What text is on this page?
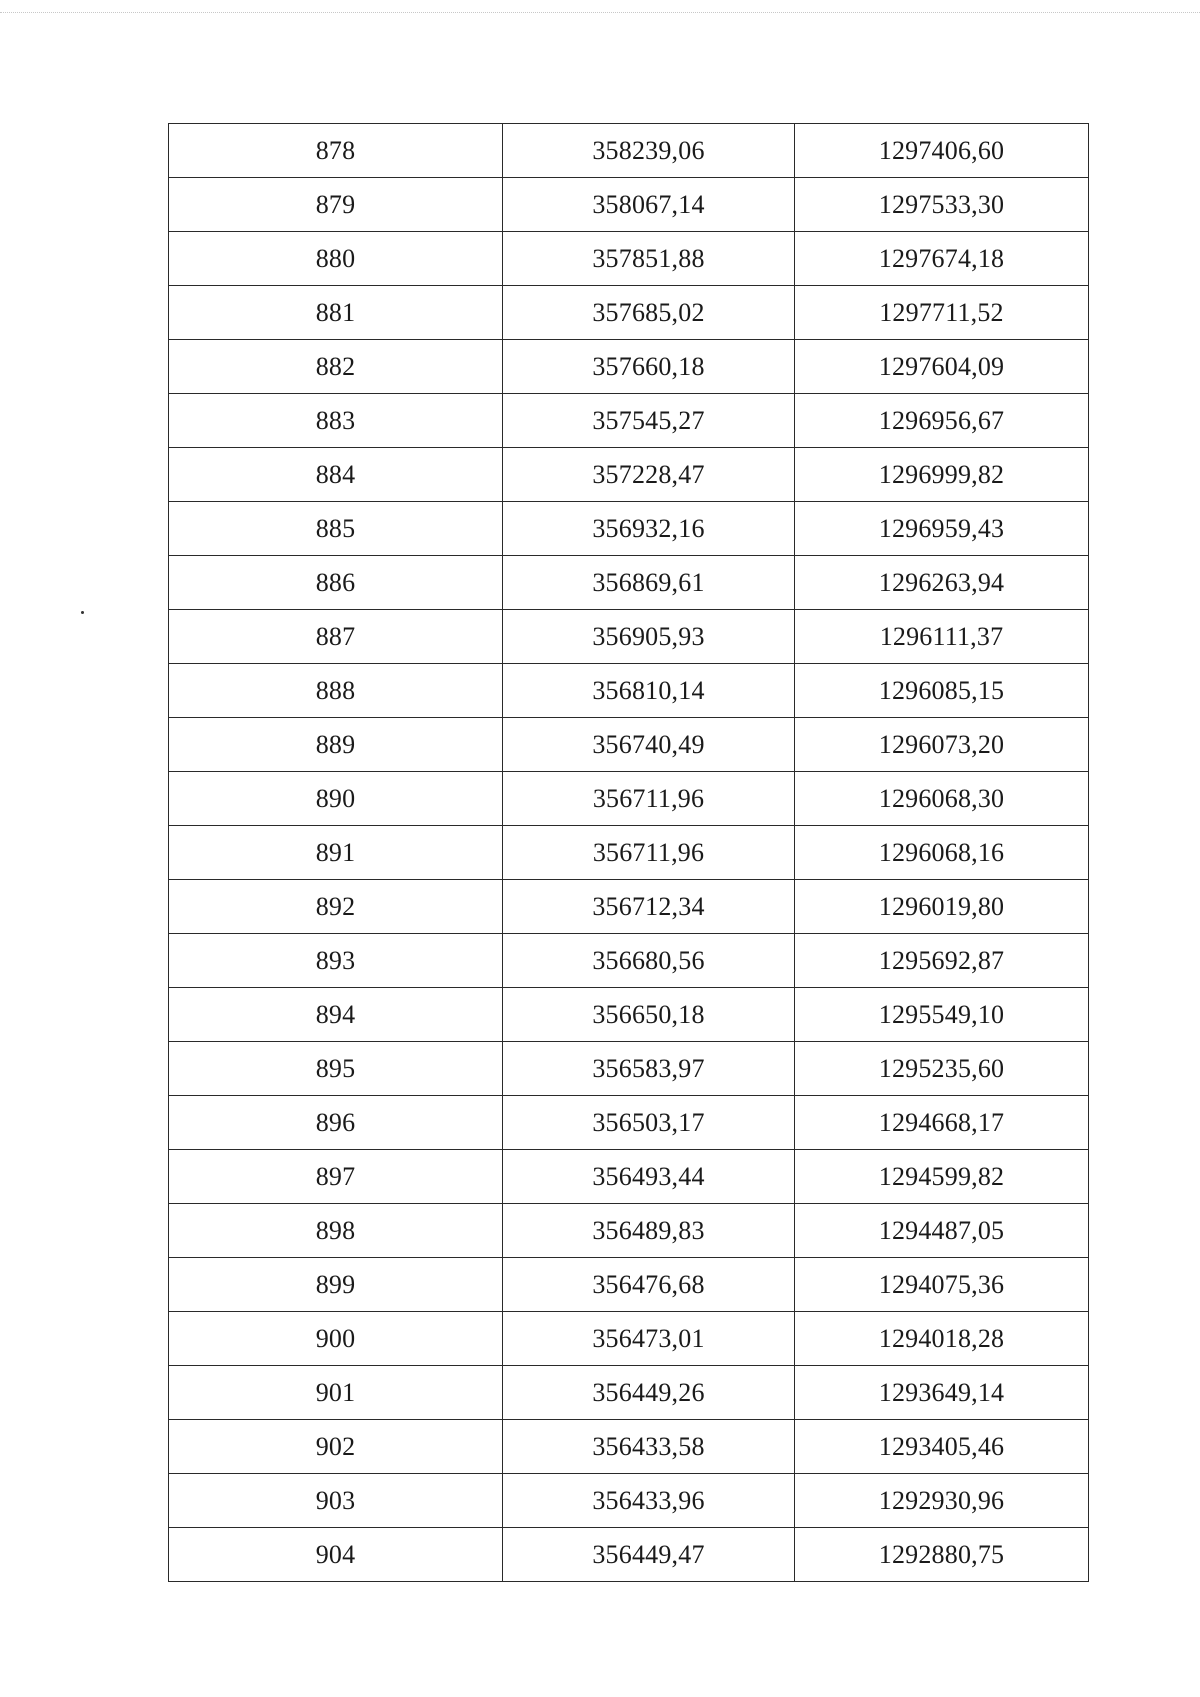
878	358239,06	1297406,60
879	358067,14	1297533,30
880	357851,88	1297674,18
881	357685,02	1297711,52
882	357660,18	1297604,09
883	357545,27	1296956,67
884	357228,47	1296999,82
885	356932,16	1296959,43
886	356869,61	1296263,94
887	356905,93	1296111,37
888	356810,14	1296085,15
889	356740,49	1296073,20
890	356711,96	1296068,30
891	356711,96	1296068,16
892	356712,34	1296019,80
893	356680,56	1295692,87
894	356650,18	1295549,10
895	356583,97	1295235,60
896	356503,17	1294668,17
897	356493,44	1294599,82
898	356489,83	1294487,05
899	356476,68	1294075,36
900	356473,01	1294018,28
901	356449,26	1293649,14
902	356433,58	1293405,46
903	356433,96	1292930,96
904	356449,47	1292880,75
